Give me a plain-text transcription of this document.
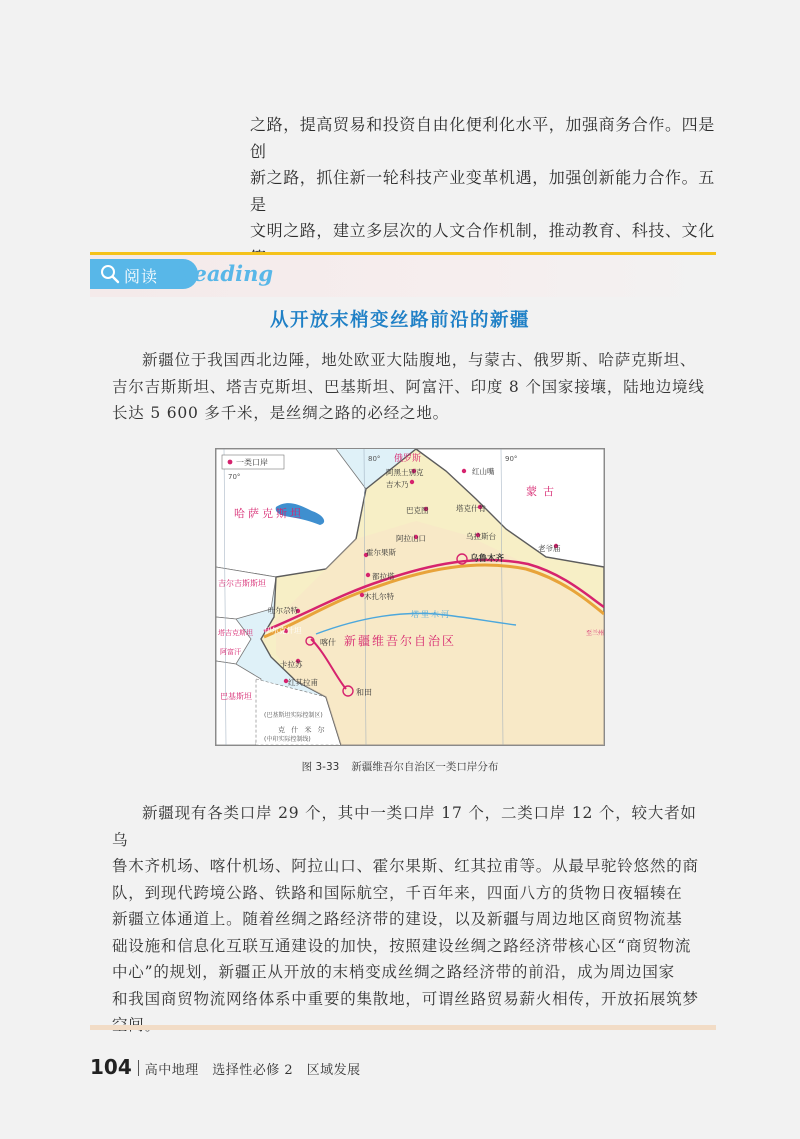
之路，提高贸易和投资自由化便利化水平，加强商务合作。四是创

新之路，抓住新一轮科技产业变革机遇，加强创新能力合作。五是

文明之路，建立多层次的人文合作机制，推动教育、科技、文化

阅读 Reading
从开放末梢变丝路前沿的新疆
新疆位于我国西北边陲，地处欧亚大陆腹地，与蒙古、俄罗斯、哈萨克斯坦、
吉尔吉斯斯坦、塔吉克斯坦、巴基斯坦、阿富汗、印度 8 个国家接壤，陆地边境线
长达 5 600 多千米，是丝绸之路的必经之地。
一类口岸
70°
80°	90°
俄罗斯
蒙古
哈萨克斯坦
吉尔吉斯斯坦
塔吉克斯坦
阿富汗
巴基斯坦
新疆维吾尔自治区
塔里木河
阿黑土别克
吉木乃
红山嘴
巴克图	塔克什肯
阿拉山口	乌拉斯台
老爷庙
霍尔果斯
都拉塔
木扎尔特
吐尔尕特
伊尔克什坦
卡拉苏
红其拉甫
乌鲁木齐
喀什
和田
(巴基斯坦实际控制区)
克 什 米 尔
(中印实际控制线)
至兰州

图 3-33 新疆维吾尔自治区一类口岸分布

新疆现有各类口岸 29 个，其中一类口岸 17 个，二类口岸 12 个，较大者如乌
鲁木齐机场、喀什机场、阿拉山口、霍尔果斯、红其拉甫等。从最早驼铃悠然的商
队，到现代跨境公路、铁路和国际航空，千百年来，四面八方的货物日夜辐辏在
新疆立体通道上。随着丝绸之路经济带的建设，以及新疆与周边地区商贸物流基
础设施和信息化互联互通建设的加快，按照建设丝绸之路经济带核心区“商贸物流
中心”的规划，新疆正从开放的末梢变成丝绸之路经济带的前沿，成为周边国家
和我国商贸物流网络体系中重要的集散地，可谓丝路贸易薪火相传，开放拓展筑梦
104 高中地理　选择性必修 2　区域发展
